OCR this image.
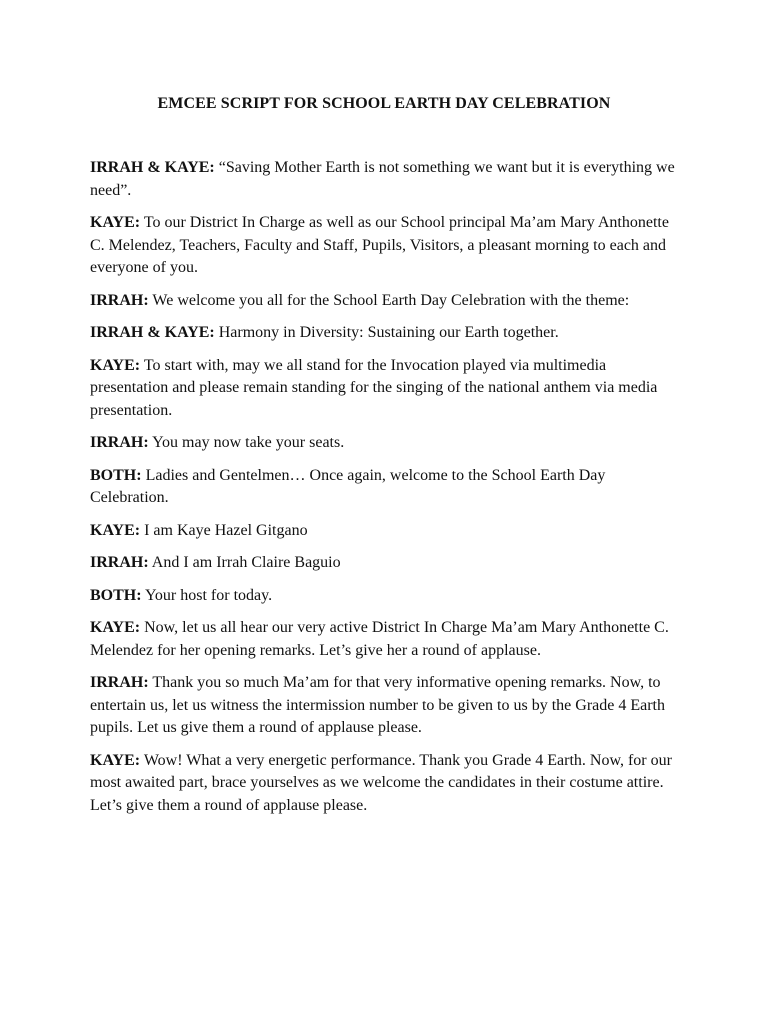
EMCEE SCRIPT FOR SCHOOL EARTH DAY CELEBRATION

IRRAH & KAYE: “Saving Mother Earth is not something we want but it is everything we need”.

KAYE: To our District In Charge as well as our School principal Ma’am Mary Anthonette C. Melendez, Teachers, Faculty and Staff, Pupils, Visitors, a pleasant morning to each and everyone of you.

IRRAH: We welcome you all for the School Earth Day Celebration with the theme:

IRRAH & KAYE: Harmony in Diversity: Sustaining our Earth together.

KAYE: To start with, may we all stand for the Invocation played via multimedia presentation and please remain standing for the singing of the national anthem via media presentation.

IRRAH: You may now take your seats.

BOTH: Ladies and Gentelmen… Once again, welcome to the School Earth Day Celebration.

KAYE: I am Kaye Hazel Gitgano

IRRAH: And I am Irrah Claire Baguio

BOTH: Your host for today.

KAYE: Now, let us all hear our very active District In Charge Ma’am Mary Anthonette C. Melendez for her opening remarks. Let’s give her a round of applause.

IRRAH: Thank you so much Ma’am for that very informative opening remarks. Now, to entertain us, let us witness the intermission number to be given to us by the Grade 4 Earth pupils. Let us give them a round of applause please.

KAYE: Wow! What a very energetic performance. Thank you Grade 4 Earth. Now, for our most awaited part, brace yourselves as we welcome the candidates in their costume attire. Let’s give them a round of applause please.
